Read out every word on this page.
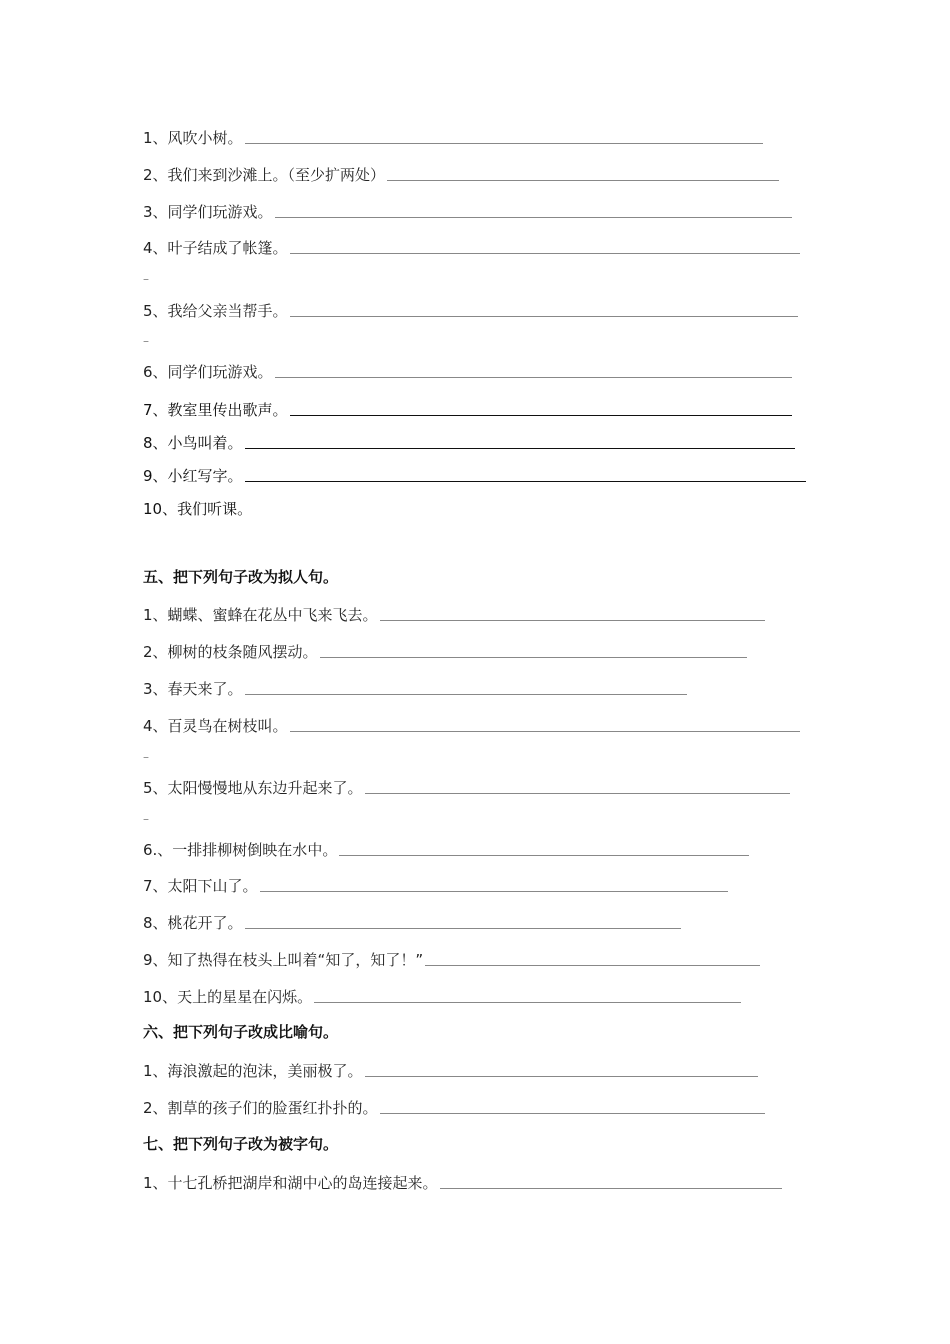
1、风吹小树。
2、我们来到沙滩上。（至少扩两处）
3、同学们玩游戏。
4、叶子结成了帐篷。
–
5、我给父亲当帮手。
–
6、同学们玩游戏。
7、教室里传出歌声。
8、小鸟叫着。
9、小红写字。
10、我们听课。
五、把下列句子改为拟人句。
1、蝴蝶、蜜蜂在花丛中飞来飞去。
2、柳树的枝条随风摆动。
3、春天来了。
4、百灵鸟在树枝叫。
–
5、太阳慢慢地从东边升起来了。
–
6.、一排排柳树倒映在水中。
7、太阳下山了。
8、桃花开了。
9、知了热得在枝头上叫着“知了，知了！”
10、天上的星星在闪烁。
六、把下列句子改成比喻句。
1、海浪激起的泡沫，美丽极了。
2、割草的孩子们的脸蛋红扑扑的。
七、把下列句子改为被字句。
1、十七孔桥把湖岸和湖中心的岛连接起来。
